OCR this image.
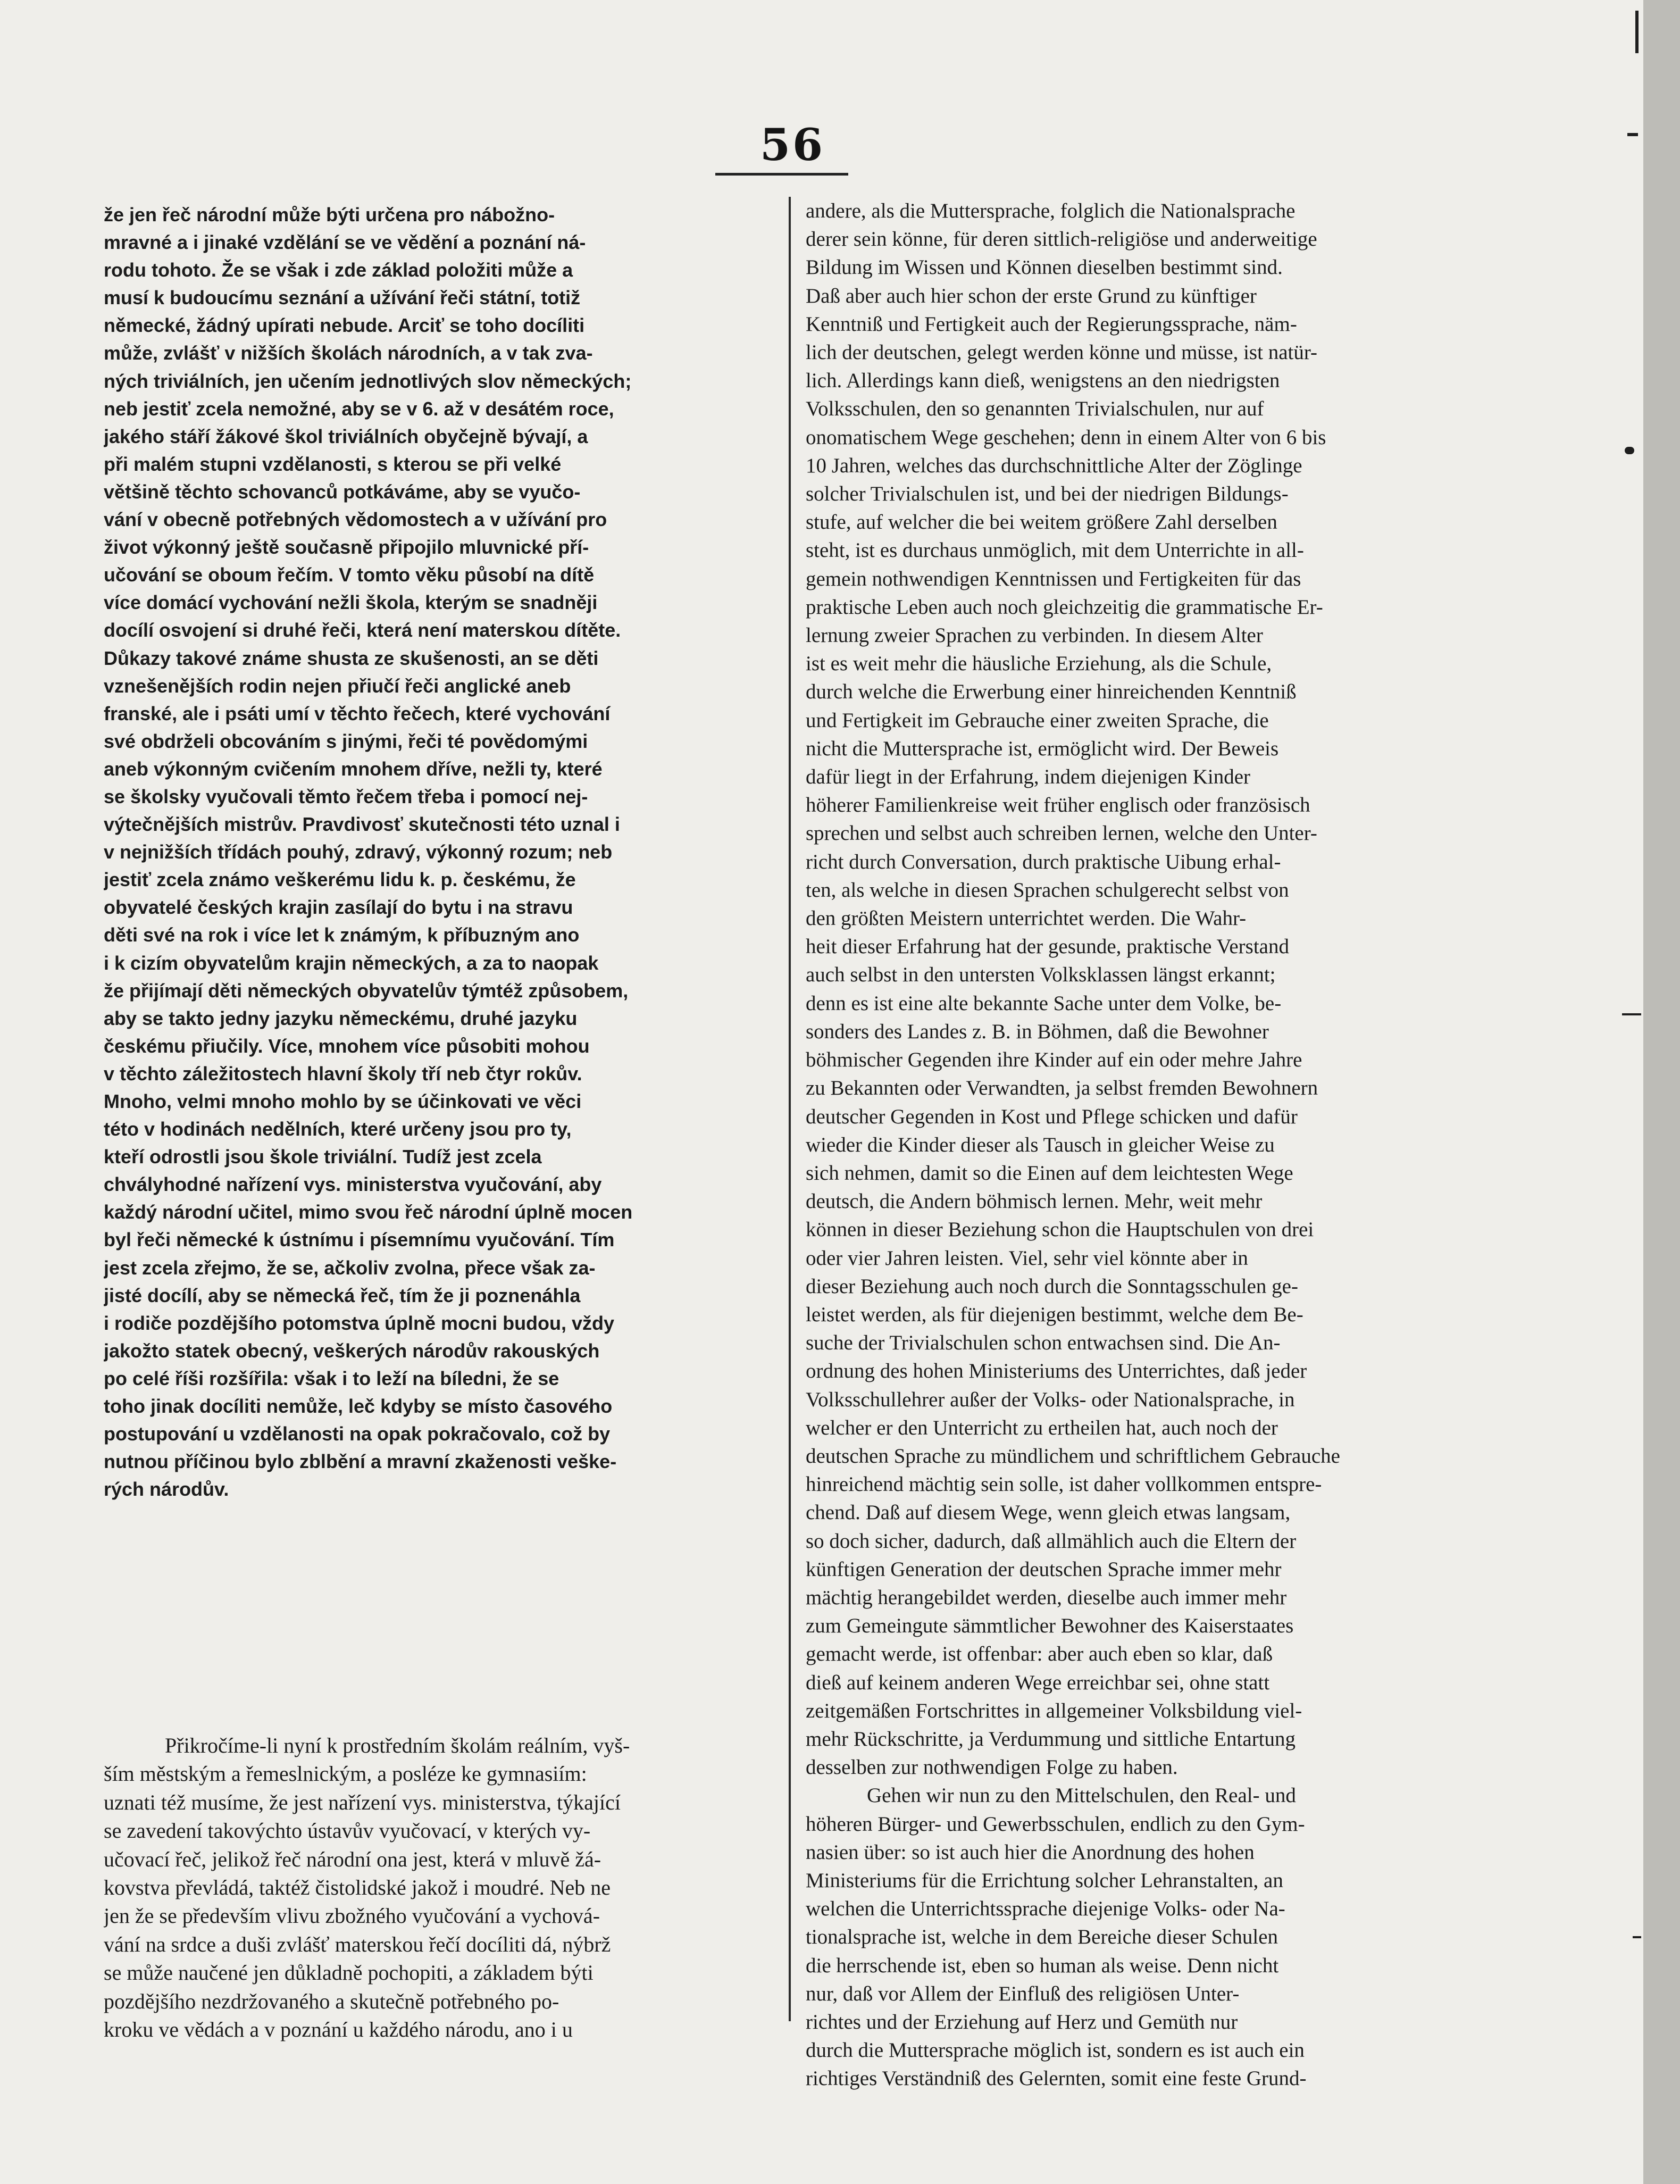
56
že jen řeč národní může býti určena pro nábožno-
mravné a i jinaké vzdělání se ve vědění a poznání ná-
rodu tohoto. Že se však i zde základ položiti může a
musí k budoucímu seznání a užívání řeči státní, totiž
německé, žádný upírati nebude. Arciť se toho docíliti
může, zvlášť v nižších školách národních, a v tak zva-
ných triviálních, jen učením jednotlivých slov německých;
neb jestiť zcela nemožné, aby se v 6. až v desátém roce,
jakého stáří žákové škol triviálních obyčejně bývají, a
při malém stupni vzdělanosti, s kterou se při velké
většině těchto schovanců potkáváme, aby se vyučo-
vání v obecně potřebných vědomostech a v užívání pro
život výkonný ještě současně připojilo mluvnické pří-
učování se oboum řečím. V tomto věku působí na dítě
více domácí vychování nežli škola, kterým se snadněji
docílí osvojení si druhé řeči, která není materskou dítěte.
Důkazy takové známe shusta ze skušenosti, an se děti
vznešenějších rodin nejen přiučí řeči anglické aneb
franské, ale i psáti umí v těchto řečech, které vychování
své obdrželi obcováním s jinými, řeči té povědomými
aneb výkonným cvičením mnohem dříve, nežli ty, které
se školsky vyučovali těmto řečem třeba i pomocí nej-
výtečnějších mistrův. Pravdivosť skutečnosti této uznal i
v nejnižších třídách pouhý, zdravý, výkonný rozum; neb
jestiť zcela známo veškerému lidu k. p. českému, že
obyvatelé českých krajin zasílají do bytu i na stravu
děti své na rok i více let k známým, k příbuzným ano
i k cizím obyvatelům krajin německých, a za to naopak
že přijímají děti německých obyvatelův týmtéž způsobem,
aby se takto jedny jazyku německému, druhé jazyku
českému přiučily. Více, mnohem více působiti mohou
v těchto záležitostech hlavní školy tří neb čtyr rokův.
Mnoho, velmi mnoho mohlo by se účinkovati ve věci
této v hodinách nedělních, které určeny jsou pro ty,
kteří odrostli jsou škole triviální. Tudíž jest zcela
chvályhodné nařízení vys. ministerstva vyučování, aby
každý národní učitel, mimo svou řeč národní úplně mocen
byl řeči německé k ústnímu i písemnímu vyučování. Tím
jest zcela zřejmo, že se, ačkoliv zvolna, přece však za-
jisté docílí, aby se německá řeč, tím že ji poznenáhla
i rodiče pozdějšího potomstva úplně mocni budou, vždy
jakožto statek obecný, veškerých národův rakouských
po celé říši rozšířila: však i to leží na bíledni, že se
toho jinak docíliti nemůže, leč kdyby se místo časového
postupování u vzdělanosti na opak pokračovalo, což by
nutnou příčinou bylo zblbění a mravní zkaženosti veške-
rých národův.
Přikročíme-li nyní k prostředním školám reálním, vyš-
ším městským a řemeslnickým, a posléze ke gymnasiím:
uznati též musíme, že jest nařízení vys. ministerstva, týkající
se zavedení takovýchto ústavův vyučovací, v kterých vy-
učovací řeč, jelikož řeč národní ona jest, která v mluvě žá-
kovstva převládá, taktéž čistolidské jakož i moudré. Neb ne
jen že se především vlivu zbožného vyučování a vychová-
vání na srdce a duši zvlášť materskou řečí docíliti dá, nýbrž
se může naučené jen důkladně pochopiti, a základem býti
pozdějšího nezdržovaného a skutečně potřebného po-
kroku ve vědách a v poznání u každého národu, ano i u
andere, als die Muttersprache, folglich die Nationalsprache
derer sein könne, für deren sittlich-religiöse und anderweitige
Bildung im Wissen und Können dieselben bestimmt sind.
Daß aber auch hier schon der erste Grund zu künftiger
Kenntniß und Fertigkeit auch der Regierungssprache, näm-
lich der deutschen, gelegt werden könne und müsse, ist natür-
lich. Allerdings kann dieß, wenigstens an den niedrigsten
Volksschulen, den so genannten Trivialschulen, nur auf
onomatischem Wege geschehen; denn in einem Alter von 6 bis
10 Jahren, welches das durchschnittliche Alter der Zöglinge
solcher Trivialschulen ist, und bei der niedrigen Bildungs-
stufe, auf welcher die bei weitem größere Zahl derselben
steht, ist es durchaus unmöglich, mit dem Unterrichte in all-
gemein nothwendigen Kenntnissen und Fertigkeiten für das
praktische Leben auch noch gleichzeitig die grammatische Er-
lernung zweier Sprachen zu verbinden. In diesem Alter
ist es weit mehr die häusliche Erziehung, als die Schule,
durch welche die Erwerbung einer hinreichenden Kenntniß
und Fertigkeit im Gebrauche einer zweiten Sprache, die
nicht die Muttersprache ist, ermöglicht wird. Der Beweis
dafür liegt in der Erfahrung, indem diejenigen Kinder
höherer Familienkreise weit früher englisch oder französisch
sprechen und selbst auch schreiben lernen, welche den Unter-
richt durch Conversation, durch praktische Uibung erhal-
ten, als welche in diesen Sprachen schulgerecht selbst von
den größten Meistern unterrichtet werden. Die Wahr-
heit dieser Erfahrung hat der gesunde, praktische Verstand
auch selbst in den untersten Volksklassen längst erkannt;
denn es ist eine alte bekannte Sache unter dem Volke, be-
sonders des Landes z. B. in Böhmen, daß die Bewohner
böhmischer Gegenden ihre Kinder auf ein oder mehre Jahre
zu Bekannten oder Verwandten, ja selbst fremden Bewohnern
deutscher Gegenden in Kost und Pflege schicken und dafür
wieder die Kinder dieser als Tausch in gleicher Weise zu
sich nehmen, damit so die Einen auf dem leichtesten Wege
deutsch, die Andern böhmisch lernen. Mehr, weit mehr
können in dieser Beziehung schon die Hauptschulen von drei
oder vier Jahren leisten. Viel, sehr viel könnte aber in
dieser Beziehung auch noch durch die Sonntagsschulen ge-
leistet werden, als für diejenigen bestimmt, welche dem Be-
suche der Trivialschulen schon entwachsen sind. Die An-
ordnung des hohen Ministeriums des Unterrichtes, daß jeder
Volksschullehrer außer der Volks- oder Nationalsprache, in
welcher er den Unterricht zu ertheilen hat, auch noch der
deutschen Sprache zu mündlichem und schriftlichem Gebrauche
hinreichend mächtig sein solle, ist daher vollkommen entspre-
chend. Daß auf diesem Wege, wenn gleich etwas langsam,
so doch sicher, dadurch, daß allmählich auch die Eltern der
künftigen Generation der deutschen Sprache immer mehr
mächtig herangebildet werden, dieselbe auch immer mehr
zum Gemeingute sämmtlicher Bewohner des Kaiserstaates
gemacht werde, ist offenbar: aber auch eben so klar, daß
dieß auf keinem anderen Wege erreichbar sei, ohne statt
zeitgemäßen Fortschrittes in allgemeiner Volksbildung viel-
mehr Rückschritte, ja Verdummung und sittliche Entartung
desselben zur nothwendigen Folge zu haben.
Gehen wir nun zu den Mittelschulen, den Real- und
höheren Bürger- und Gewerbsschulen, endlich zu den Gym-
nasien über: so ist auch hier die Anordnung des hohen
Ministeriums für die Errichtung solcher Lehranstalten, an
welchen die Unterrichtssprache diejenige Volks- oder Na-
tionalsprache ist, welche in dem Bereiche dieser Schulen
die herrschende ist, eben so human als weise. Denn nicht
nur, daß vor Allem der Einfluß des religiösen Unter-
richtes und der Erziehung auf Herz und Gemüth nur
durch die Muttersprache möglich ist, sondern es ist auch ein
richtiges Verständniß des Gelernten, somit eine feste Grund-
